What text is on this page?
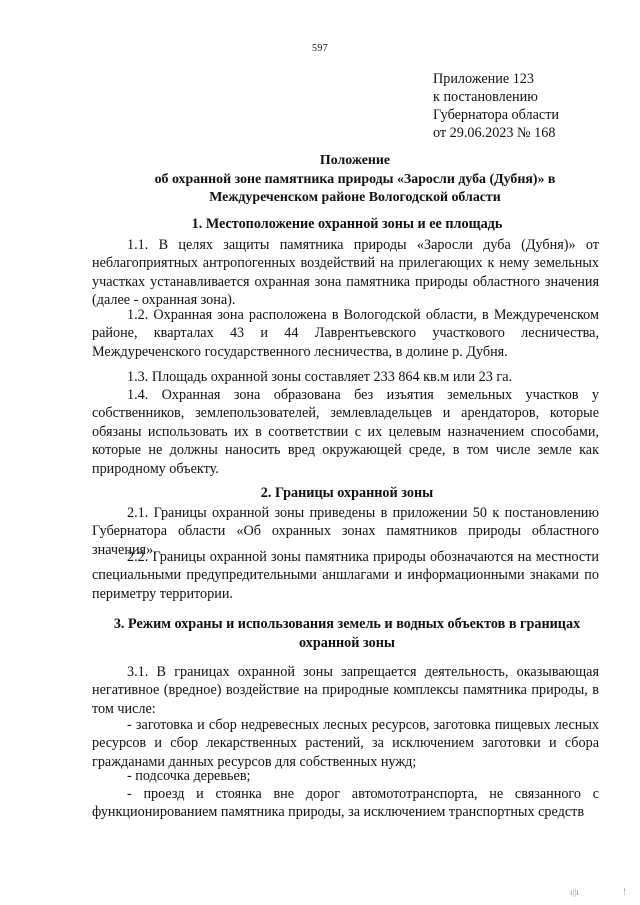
597
Приложение 123
к постановлению
Губернатора области
от 29.06.2023 № 168
Положение
об охранной зоне памятника природы «Заросли дуба (Дубня)» в
Междуреченском районе Вологодской области
1. Местоположение охранной зоны и ее площадь

1.1. В целях защиты памятника природы «Заросли дуба (Дубня)» от неблагоприятных антропогенных воздействий на прилегающих к нему земельных участках устанавливается охранная зона памятника природы областного значения (далее - охранная зона).

1.2. Охранная зона расположена в Вологодской области, в Междуреченском районе, кварталах 43 и 44 Лаврентьевского участкового лесничества, Междуреченского государственного лесничества, в долине р. Дубня.

1.3. Площадь охранной зоны составляет 233 864 кв.м или 23 га.

1.4. Охранная зона образована без изъятия земельных участков у собственников, землепользователей, землевладельцев и арендаторов, которые обязаны использовать их в соответствии с их целевым назначением способами, которые не должны наносить вред окружающей среде, в том числе земле как природному объекту.

2. Границы охранной зоны

2.1. Границы охранной зоны приведены в приложении 50 к постановлению Губернатора области «Об охранных зонах памятников природы областного значения».

2.2. Границы охранной зоны памятника природы обозначаются на местности специальными предупредительными аншлагами и информационными знаками по периметру территории.

3. Режим охраны и использования земель и водных объектов в границах
охранной зоны

3.1. В границах охранной зоны запрещается деятельность, оказывающая негативное (вредное) воздействие на природные комплексы памятника природы, в том числе:

- заготовка и сбор недревесных лесных ресурсов, заготовка пищевых лесных ресурсов и сбор лекарственных растений, за исключением заготовки и сбора гражданами данных ресурсов для собственных нужд;

- подсочка деревьев;

- проезд и стоянка вне дорог автомототранспорта, не связанного с функционированием памятника природы, за исключением транспортных средств

ı||ı	!
